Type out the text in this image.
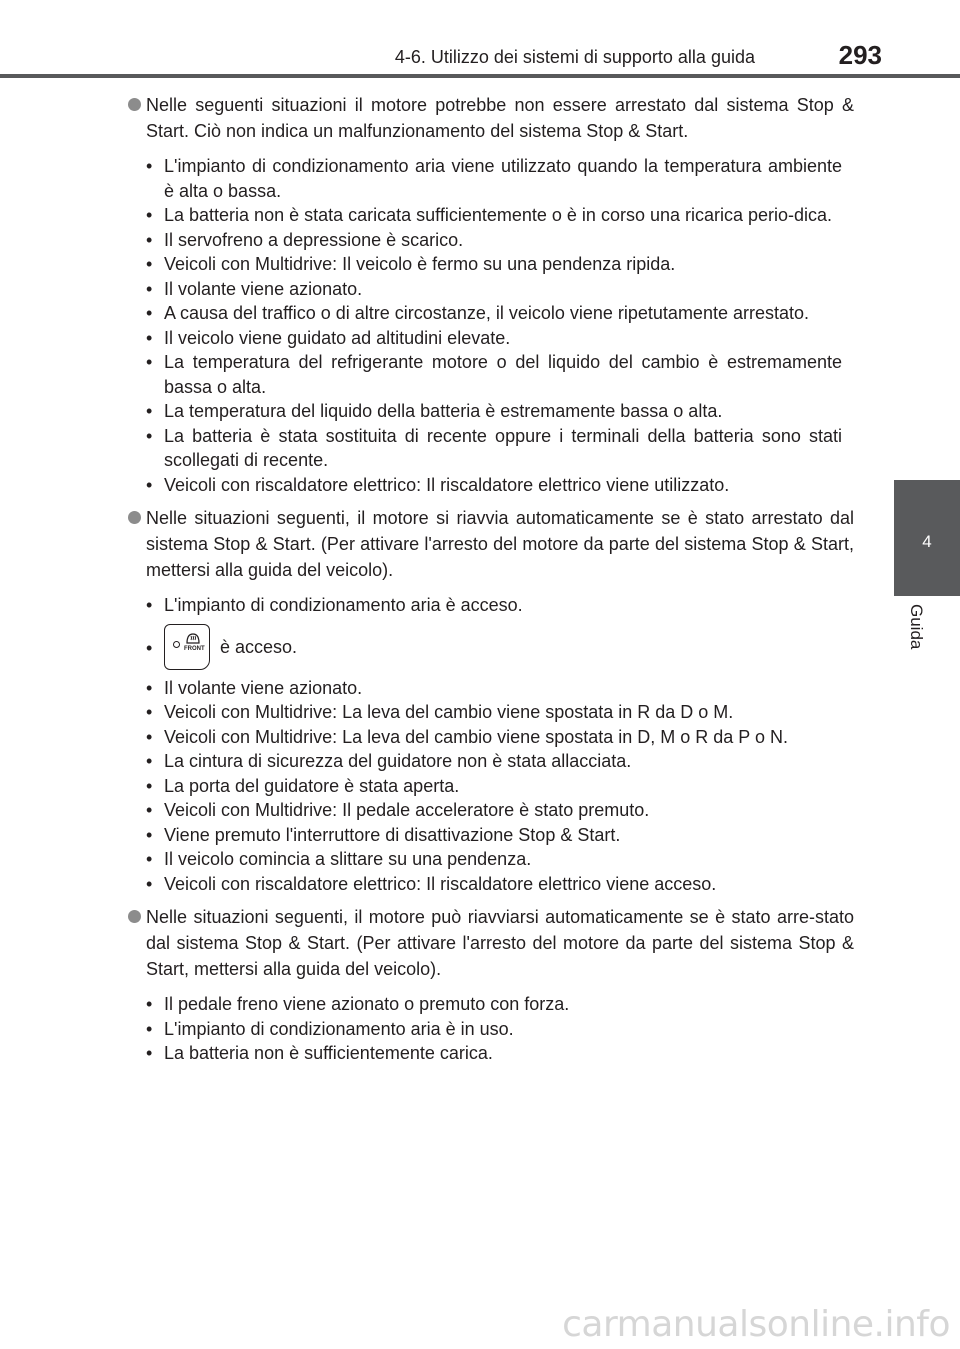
4-6. Utilizzo dei sistemi di supporto alla guida	293
4
Guida
Nelle seguenti situazioni il motore potrebbe non essere arrestato dal sistema Stop & Start. Ciò non indica un malfunzionamento del sistema Stop & Start.
• L'impianto di condizionamento aria viene utilizzato quando la temperatura ambiente è alta o bassa.
• La batteria non è stata caricata sufficientemente o è in corso una ricarica perio-dica.
• Il servofreno a depressione è scarico.
• Veicoli con Multidrive: Il veicolo è fermo su una pendenza ripida.
• Il volante viene azionato.
• A causa del traffico o di altre circostanze, il veicolo viene ripetutamente arrestato.
• Il veicolo viene guidato ad altitudini elevate.
• La temperatura del refrigerante motore o del liquido del cambio è estremamente bassa o alta.
• La temperatura del liquido della batteria è estremamente bassa o alta.
• La batteria è stata sostituita di recente oppure i terminali della batteria sono stati scollegati di recente.
• Veicoli con riscaldatore elettrico: Il riscaldatore elettrico viene utilizzato.
Nelle situazioni seguenti, il motore si riavvia automaticamente se è stato arrestato dal sistema Stop & Start. (Per attivare l'arresto del motore da parte del sistema Stop & Start, mettersi alla guida del veicolo).
• L'impianto di condizionamento aria è acceso.
•	FRONT è acceso.
• Il volante viene azionato.
• Veicoli con Multidrive: La leva del cambio viene spostata in R da D o M.
• Veicoli con Multidrive: La leva del cambio viene spostata in D, M o R da P o N.
• La cintura di sicurezza del guidatore non è stata allacciata.
• La porta del guidatore è stata aperta.
• Veicoli con Multidrive: Il pedale acceleratore è stato premuto.
• Viene premuto l'interruttore di disattivazione Stop & Start.
• Il veicolo comincia a slittare su una pendenza.
• Veicoli con riscaldatore elettrico: Il riscaldatore elettrico viene acceso.
Nelle situazioni seguenti, il motore può riavviarsi automaticamente se è stato arre-stato dal sistema Stop & Start. (Per attivare l'arresto del motore da parte del sistema Stop & Start, mettersi alla guida del veicolo).
• Il pedale freno viene azionato o premuto con forza.
• L'impianto di condizionamento aria è in uso.
• La batteria non è sufficientemente carica.
carmanualsonline.info
